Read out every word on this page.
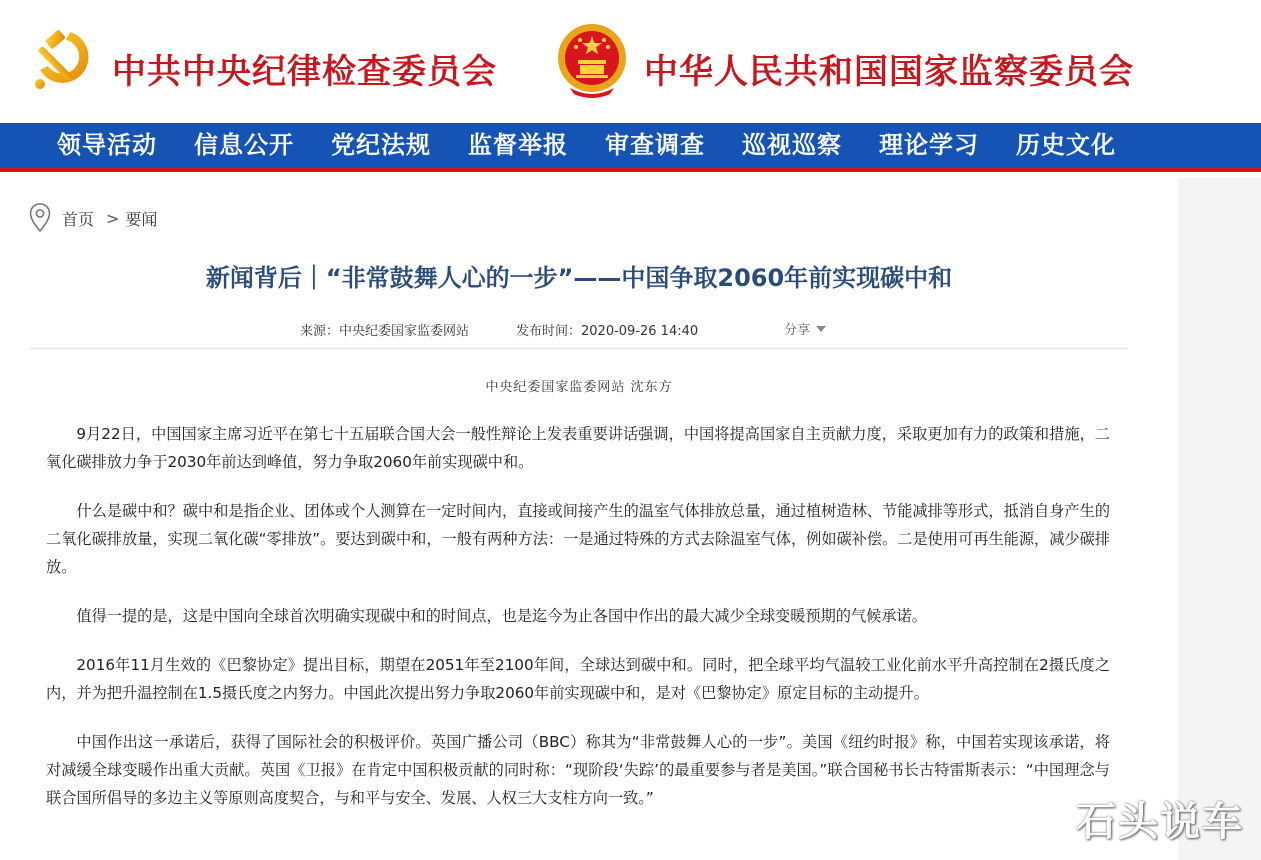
中共中央纪律检查委员会	中华人民共和国国家监察委员会
领导活动 信息公开 党纪法规 监督举报 审查调查 巡视巡察 理论学习 历史文化
首页 > 要闻
新闻背后｜“非常鼓舞人心的一步”——中国争取2060年前实现碳中和
来源：中央纪委国家监委网站	发布时间：2020-09-26 14:40	分享
中央纪委国家监委网站 沈东方

9月22日，中国国家主席习近平在第七十五届联合国大会一般性辩论上发表重要讲话强调，中国将提高国家自主贡献力度，采取更加有力的政策和措施，二氧化碳排放力争于2030年前达到峰值，努力争取2060年前实现碳中和。

什么是碳中和？碳中和是指企业、团体或个人测算在一定时间内，直接或间接产生的温室气体排放总量，通过植树造林、节能减排等形式，抵消自身产生的二氧化碳排放量，实现二氧化碳“零排放”。要达到碳中和，一般有两种方法：一是通过特殊的方式去除温室气体，例如碳补偿。二是使用可再生能源，减少碳排放。

值得一提的是，这是中国向全球首次明确实现碳中和的时间点，也是迄今为止各国中作出的最大减少全球变暖预期的气候承诺。

2016年11月生效的《巴黎协定》提出目标，期望在2051年至2100年间，全球达到碳中和。同时，把全球平均气温较工业化前水平升高控制在2摄氏度之内，并为把升温控制在1.5摄氏度之内努力。中国此次提出努力争取2060年前实现碳中和，是对《巴黎协定》原定目标的主动提升。

中国作出这一承诺后，获得了国际社会的积极评价。英国广播公司（BBC）称其为“非常鼓舞人心的一步”。美国《纽约时报》称，中国若实现该承诺，将对减缓全球变暖作出重大贡献。英国《卫报》在肯定中国积极贡献的同时称：“现阶段‘失踪’的最重要参与者是美国。”联合国秘书长古特雷斯表示：“中国理念与联合国所倡导的多边主义等原则高度契合，与和平与安全、发展、人权三大支柱方向一致。”

石头说车
